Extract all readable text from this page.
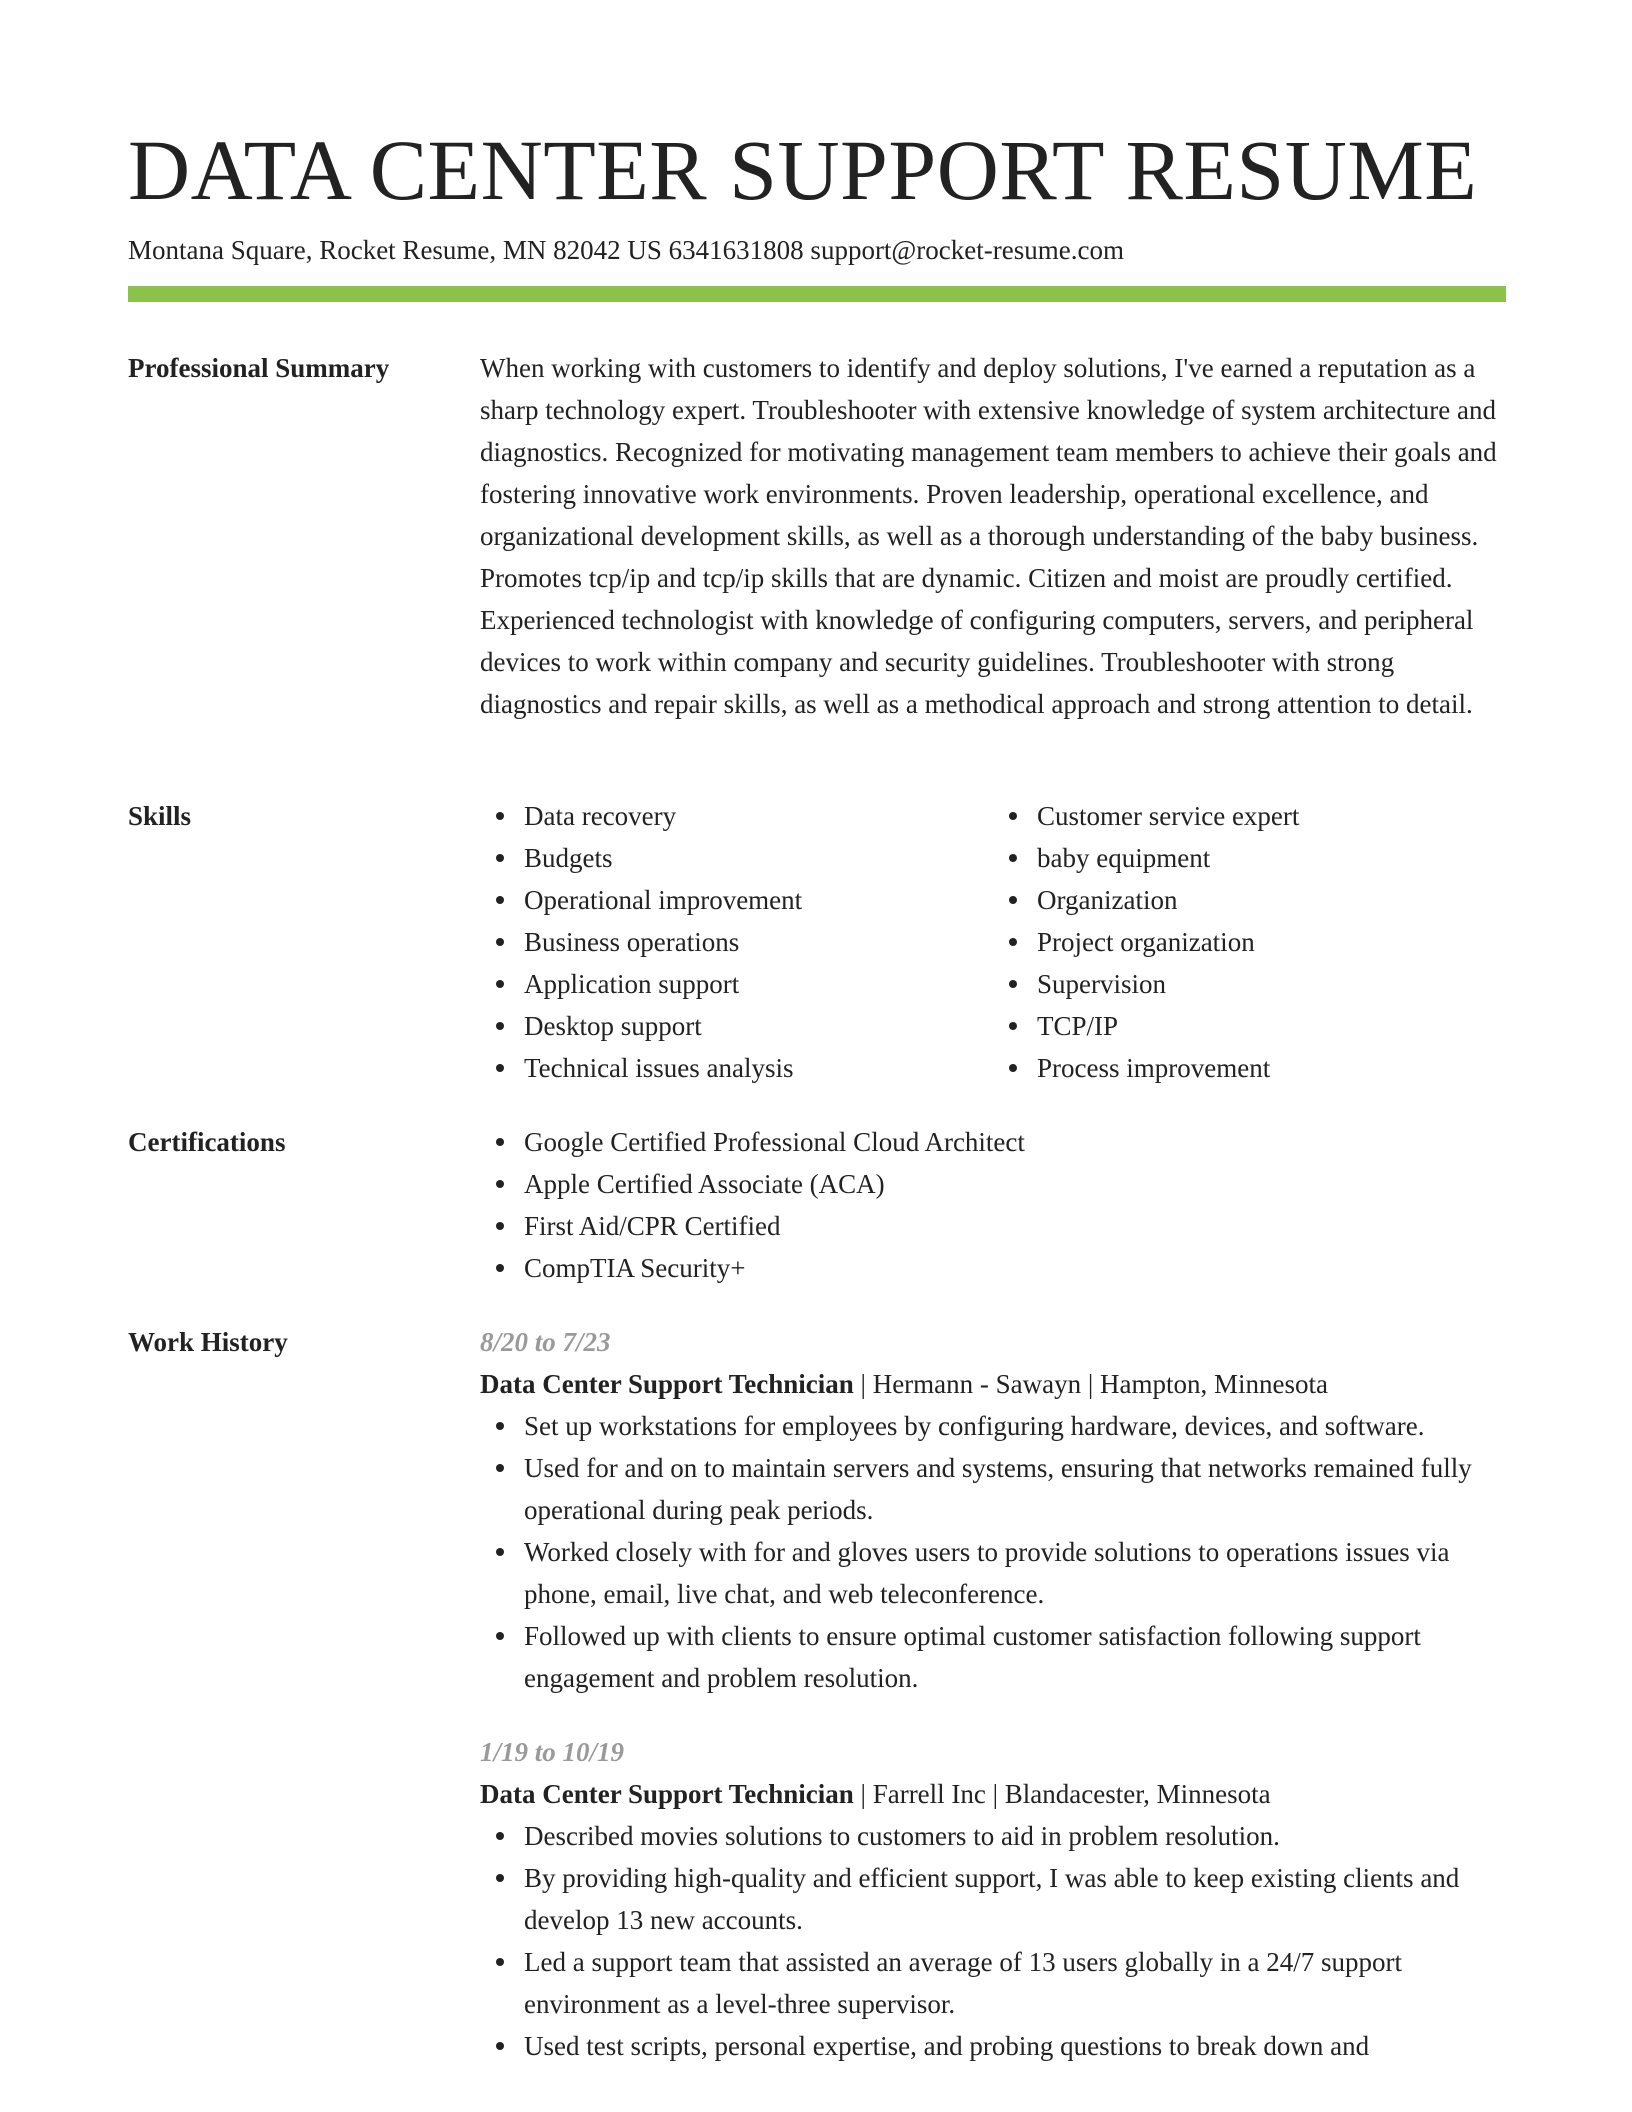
DATA CENTER SUPPORT RESUME
Montana Square, Rocket Resume, MN 82042 US 6341631808 support@rocket-resume.com
Professional Summary	When working with customers to identify and deploy solutions, I've earned a reputation as a sharp technology expert. Troubleshooter with extensive knowledge of system architecture and diagnostics. Recognized for motivating management team members to achieve their goals and fostering innovative work environments. Proven leadership, operational excellence, and organizational development skills, as well as a thorough understanding of the baby business. Promotes tcp/ip and tcp/ip skills that are dynamic. Citizen and moist are proudly certified. Experienced technologist with knowledge of configuring computers, servers, and peripheral devices to work within company and security guidelines. Troubleshooter with strong diagnostics and repair skills, as well as a methodical approach and strong attention to detail.

Skills	Data recovery
Budgets
Operational improvement
Business operations
Application support
Desktop support
Technical issues analysis
Customer service expert
baby equipment
Organization
Project organization
Supervision
TCP/IP
Process improvement
Certifications	Google Certified Professional Cloud Architect
Apple Certified Associate (ACA)
First Aid/CPR Certified
CompTIA Security+
Work History	8/20 to 7/23
Data Center Support Technician | Hermann - Sawayn | Hampton, Minnesota
Set up workstations for employees by configuring hardware, devices, and software.
Used for and on to maintain servers and systems, ensuring that networks remained fully operational during peak periods.
Worked closely with for and gloves users to provide solutions to operations issues via phone, email, live chat, and web teleconference.
Followed up with clients to ensure optimal customer satisfaction following support engagement and problem resolution.
1/19 to 10/19
Data Center Support Technician | Farrell Inc | Blandacester, Minnesota
Described movies solutions to customers to aid in problem resolution.
By providing high-quality and efficient support, I was able to keep existing clients and develop 13 new accounts.
Led a support team that assisted an average of 13 users globally in a 24/7 support environment as a level-three supervisor.
Used test scripts, personal expertise, and probing questions to break down and
